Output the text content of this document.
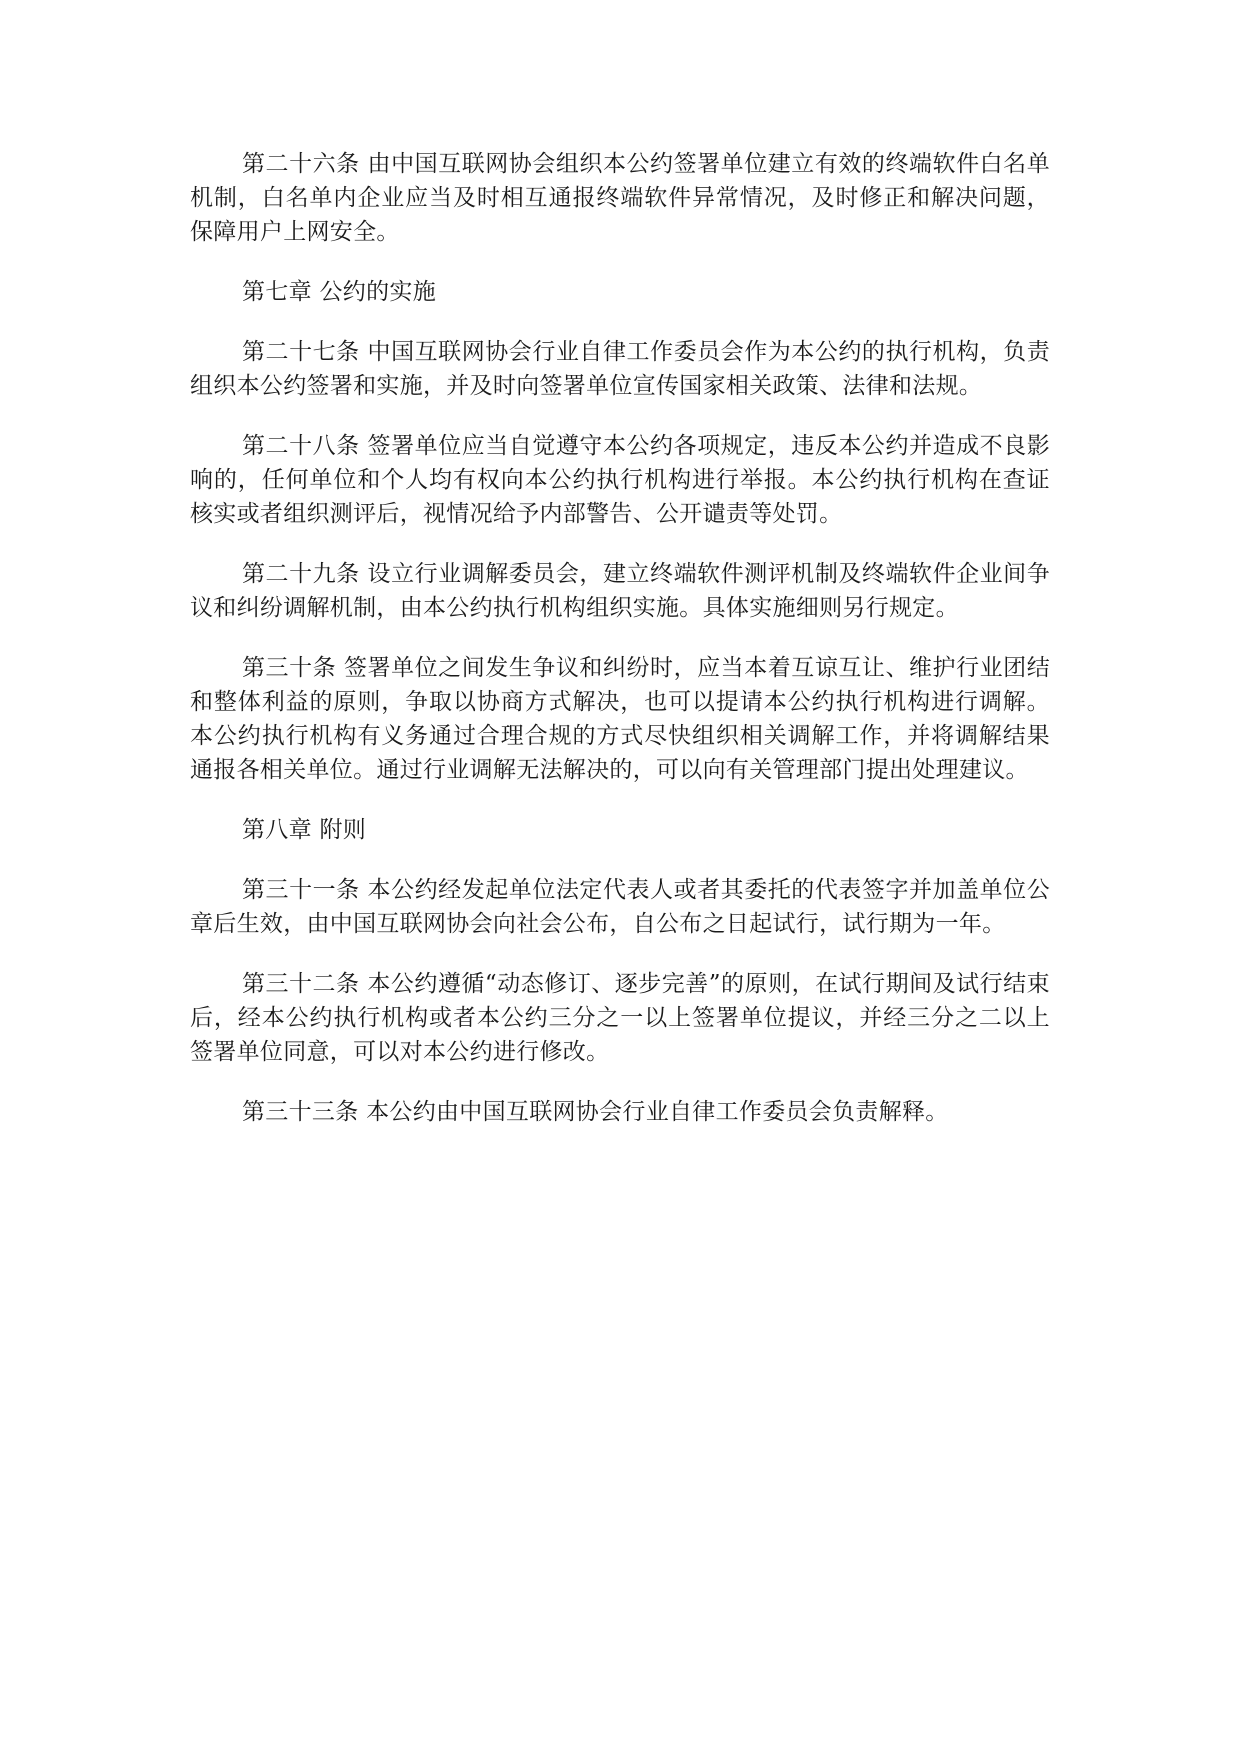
第二十六条 由中国互联网协会组织本公约签署单位建立有效的终端软件白名单机制，白名单内企业应当及时相互通报终端软件异常情况，及时修正和解决问题，保障用户上网安全。

第七章 公约的实施

第二十七条 中国互联网协会行业自律工作委员会作为本公约的执行机构，负责组织本公约签署和实施，并及时向签署单位宣传国家相关政策、法律和法规。

第二十八条 签署单位应当自觉遵守本公约各项规定，违反本公约并造成不良影响的，任何单位和个人均有权向本公约执行机构进行举报。本公约执行机构在查证核实或者组织测评后，视情况给予内部警告、公开谴责等处罚。

第二十九条 设立行业调解委员会，建立终端软件测评机制及终端软件企业间争议和纠纷调解机制，由本公约执行机构组织实施。具体实施细则另行规定。

第三十条 签署单位之间发生争议和纠纷时，应当本着互谅互让、维护行业团结和整体利益的原则，争取以协商方式解决，也可以提请本公约执行机构进行调解。本公约执行机构有义务通过合理合规的方式尽快组织相关调解工作，并将调解结果通报各相关单位。通过行业调解无法解决的，可以向有关管理部门提出处理建议。

第八章 附则

第三十一条 本公约经发起单位法定代表人或者其委托的代表签字并加盖单位公章后生效，由中国互联网协会向社会公布，自公布之日起试行，试行期为一年。

第三十二条 本公约遵循“动态修订、逐步完善”的原则，在试行期间及试行结束后，经本公约执行机构或者本公约三分之一以上签署单位提议，并经三分之二以上签署单位同意，可以对本公约进行修改。

第三十三条 本公约由中国互联网协会行业自律工作委员会负责解释。
